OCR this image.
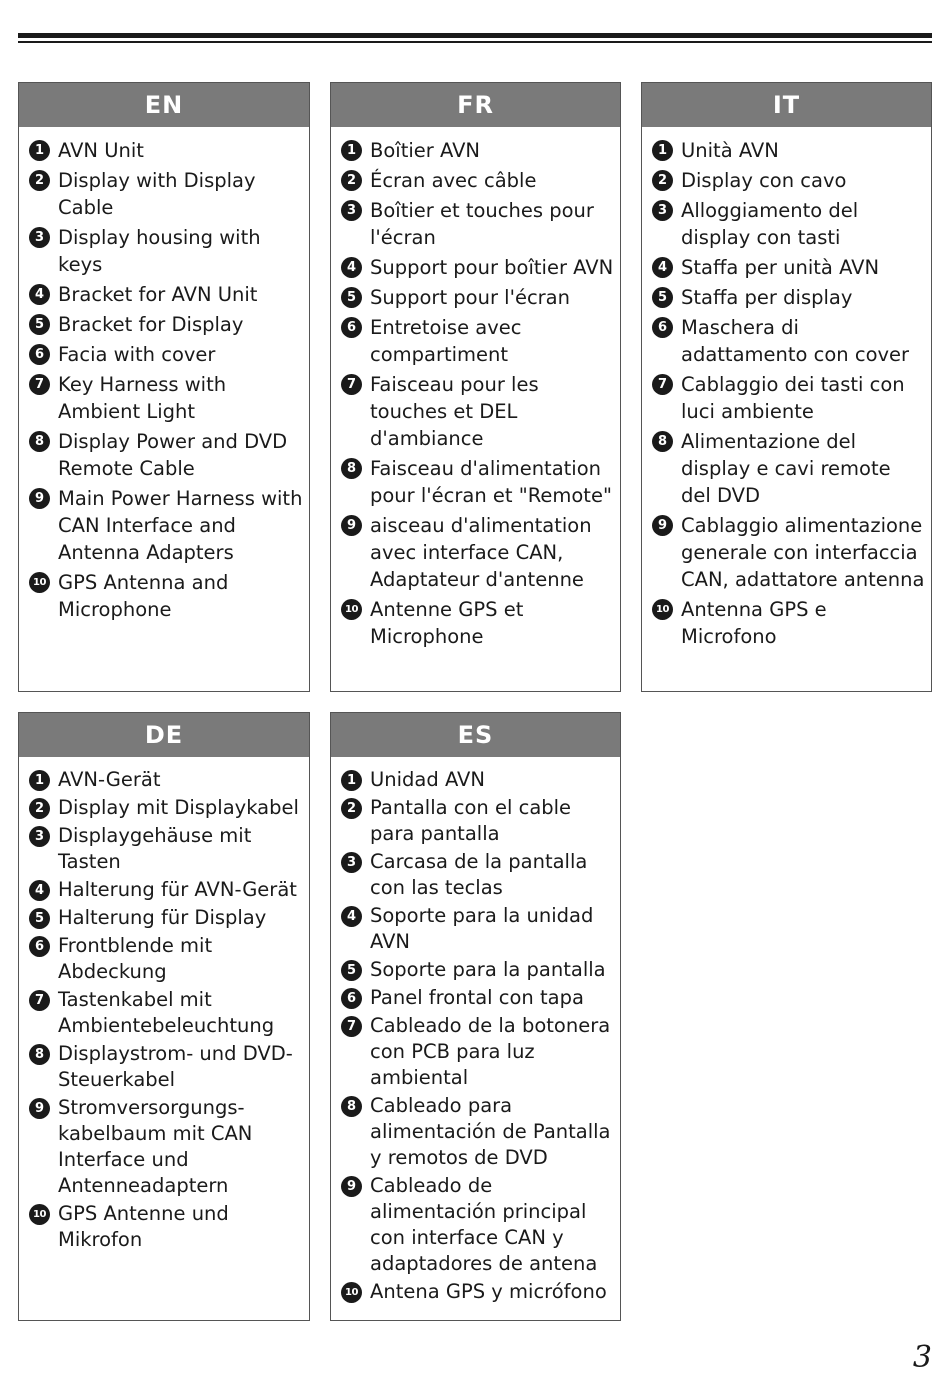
EN
1 AVN Unit
2 Display with Display Cable
3 Display housing with keys
4 Bracket for AVN Unit
5 Bracket for Display
6 Facia with cover
7 Key Harness with Ambient Light
8 Display Power and DVD Remote Cable
9 Main Power Harness with CAN Interface and Antenna Adapters
10 GPS Antenna and Microphone
FR
1 Boîtier AVN
2 Écran avec câble
3 Boîtier et touches pour l'écran
4 Support pour boîtier AVN
5 Support pour l'écran
6 Entretoise avec compartiment
7 Faisceau pour les touches et DEL d'ambiance
8 Faisceau d'alimentation pour l'écran et "Remote"
9 aisceau d'alimentation avec interface CAN, Adaptateur d'antenne
10 Antenne GPS et Microphone
IT
1 Unità AVN
2 Display con cavo
3 Alloggiamento del display con tasti
4 Staffa per unità AVN
5 Staffa per display
6 Maschera di adattamento con cover
7 Cablaggio dei tasti con luci ambiente
8 Alimentazione del display e cavi remote del DVD
9 Cablaggio alimentazione generale con interfaccia CAN, adattatore antenna
10 Antenna GPS e Microfono
DE
1 AVN-Gerät
2 Display mit Displaykabel
3 Displaygehäuse mit Tasten
4 Halterung für AVN-Gerät
5 Halterung für Display
6 Frontblende mit Abdeckung
7 Tastenkabel mit Ambientebeleuchtung
8 Displaystrom- und DVD-Steuerkabel
9 Stromversorgungs-kabelbaum mit CAN Interface und Antenneadaptern
10 GPS Antenne und Mikrofon
ES
1 Unidad AVN
2 Pantalla con el cable para pantalla
3 Carcasa de la pantalla con las teclas
4 Soporte para la unidad AVN
5 Soporte para la pantalla
6 Panel frontal con tapa
7 Cableado de la botonera con PCB para luz ambiental
8 Cableado para alimentación de Pantalla y remotos de DVD
9 Cableado de alimentación principal con interface CAN y adaptadores de antena
10 Antena GPS y micrófono
3
